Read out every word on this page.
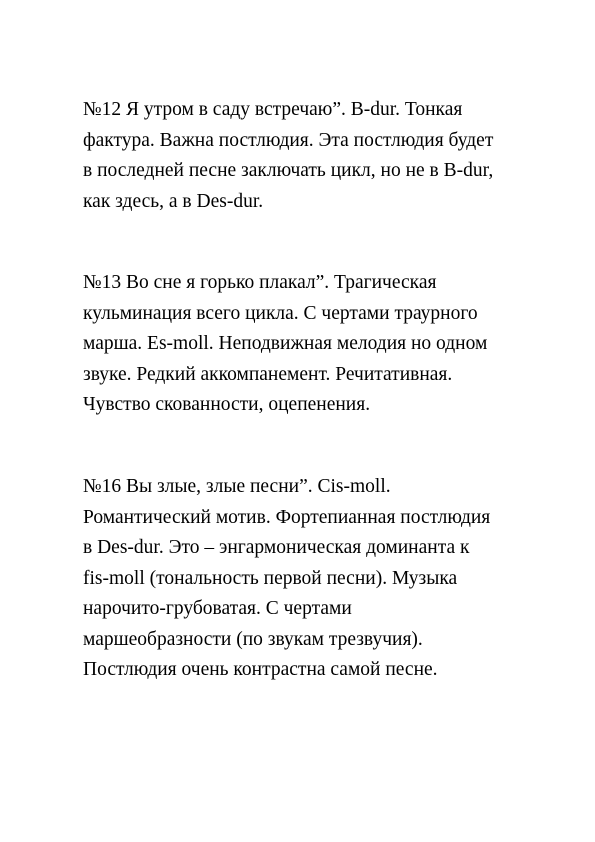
№12 Я утром в саду встречаю”. B-dur. Тонкая
фактура. Важна постлюдия. Эта постлюдия будет
в последней песне заключать цикл, но не в B-dur,
как здесь, а в Des-dur.

№13 Во сне я горько плакал”. Трагическая
кульминация всего цикла. С чертами траурного
марша. Es-moll. Неподвижная мелодия но одном
звуке. Редкий аккомпанемент. Речитативная.
Чувство скованности, оцепенения.

№16 Вы злые, злые песни”. Cis-moll.
Романтический мотив. Фортепианная постлюдия
в Des-dur. Это – энгармоническая доминанта к
fis-moll (тональность первой песни). Музыка
нарочито-грубоватая. С чертами
маршеобразности (по звукам трезвучия).
Постлюдия очень контрастна самой песне.
